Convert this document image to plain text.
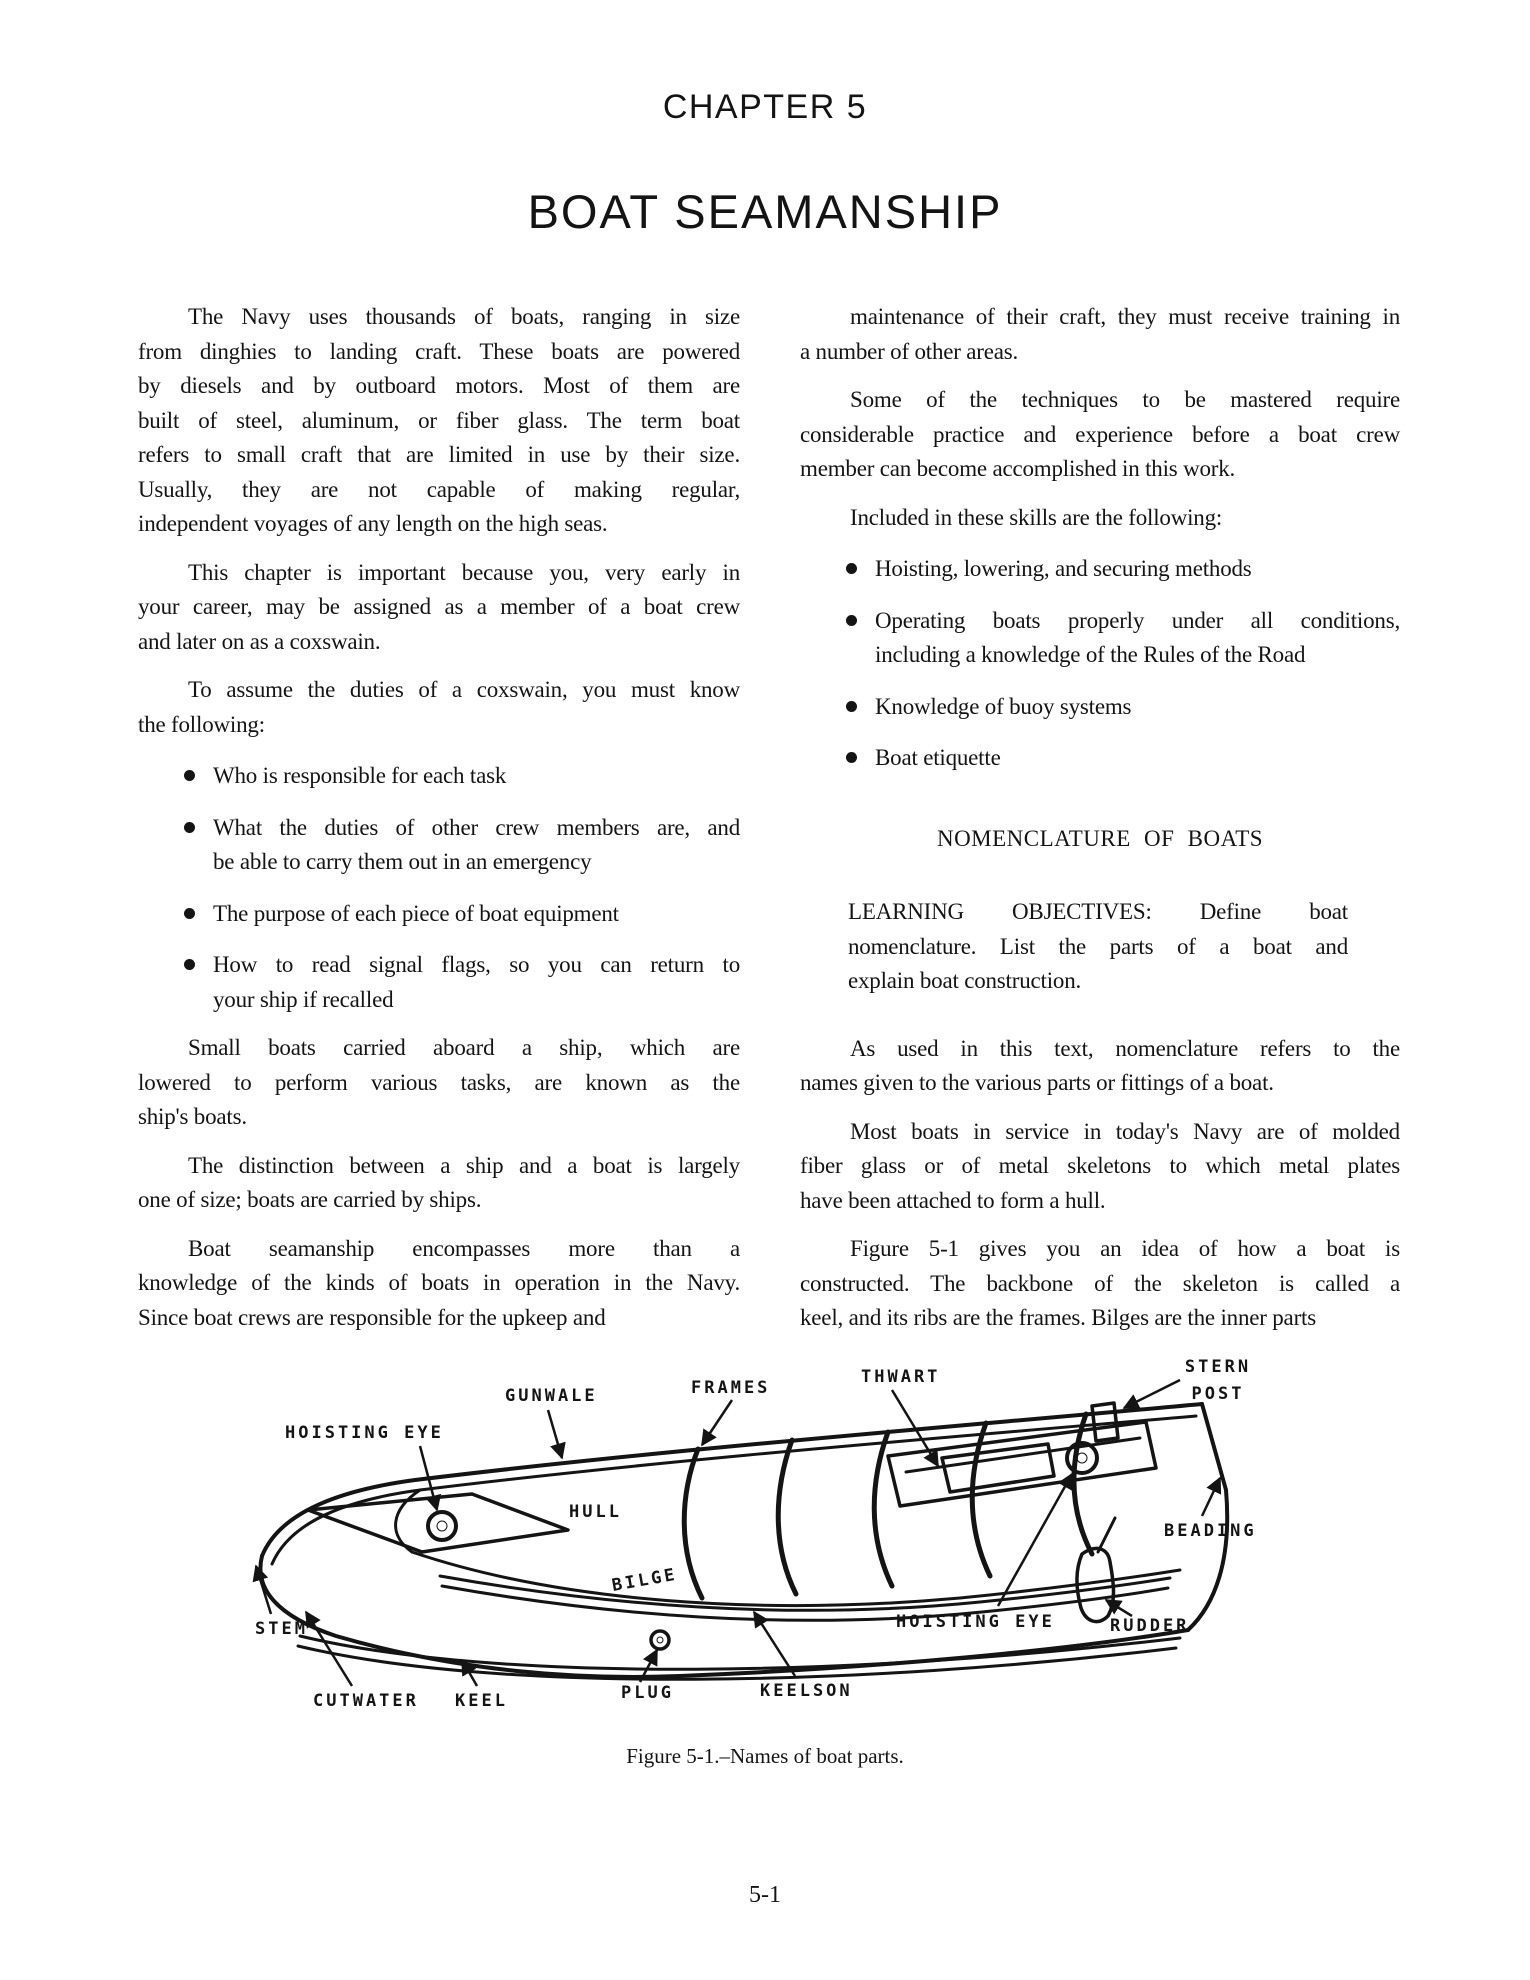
CHAPTER 5
BOAT SEAMANSHIP
The Navy uses thousands of boats, ranging in size
from dinghies to landing craft. These boats are powered
by diesels and by outboard motors. Most of them are
built of steel, aluminum, or fiber glass. The term boat
refers to small craft that are limited in use by their size.
Usually, they are not capable of making regular,
independent voyages of any length on the high seas.
This chapter is important because you, very early in
your career, may be assigned as a member of a boat crew
and later on as a coxswain.
To assume the duties of a coxswain, you must know
the following:
Who is responsible for each task
What the duties of other crew members are, and
be able to carry them out in an emergency
The purpose of each piece of boat equipment
How to read signal flags, so you can return to
your ship if recalled
Small boats carried aboard a ship, which are
lowered to perform various tasks, are known as the
ship's boats.
The distinction between a ship and a boat is largely
one of size; boats are carried by ships.
Boat seamanship encompasses more than a
knowledge of the kinds of boats in operation in the Navy.
Since boat crews are responsible for the upkeep and
maintenance of their craft, they must receive training in
a number of other areas.
Some of the techniques to be mastered require
considerable practice and experience before a boat crew
member can become accomplished in this work.
Included in these skills are the following:
Hoisting, lowering, and securing methods
Operating boats properly under all conditions,
including a knowledge of the Rules of the Road
Knowledge of buoy systems
Boat etiquette
NOMENCLATURE OF BOATS
LEARNING OBJECTIVES: Define boat
nomenclature. List the parts of a boat and
explain boat construction.
As used in this text, nomenclature refers to the
names given to the various parts or fittings of a boat.
Most boats in service in today's Navy are of molded
fiber glass or of metal skeletons to which metal plates
have been attached to form a hull.
Figure 5-1 gives you an idea of how a boat is
constructed. The backbone of the skeleton is called a
keel, and its ribs are the frames. Bilges are the inner parts
HOISTING EYE
GUNWALE	FRAMES
THWART	STERN
POST
HULL
BEADING
BILGE
STEM	HOISTING EYE	RUDDER
CUTWATER KEEL	PLUG	KEELSON
Figure 5-1.–Names of boat parts.
5-1
